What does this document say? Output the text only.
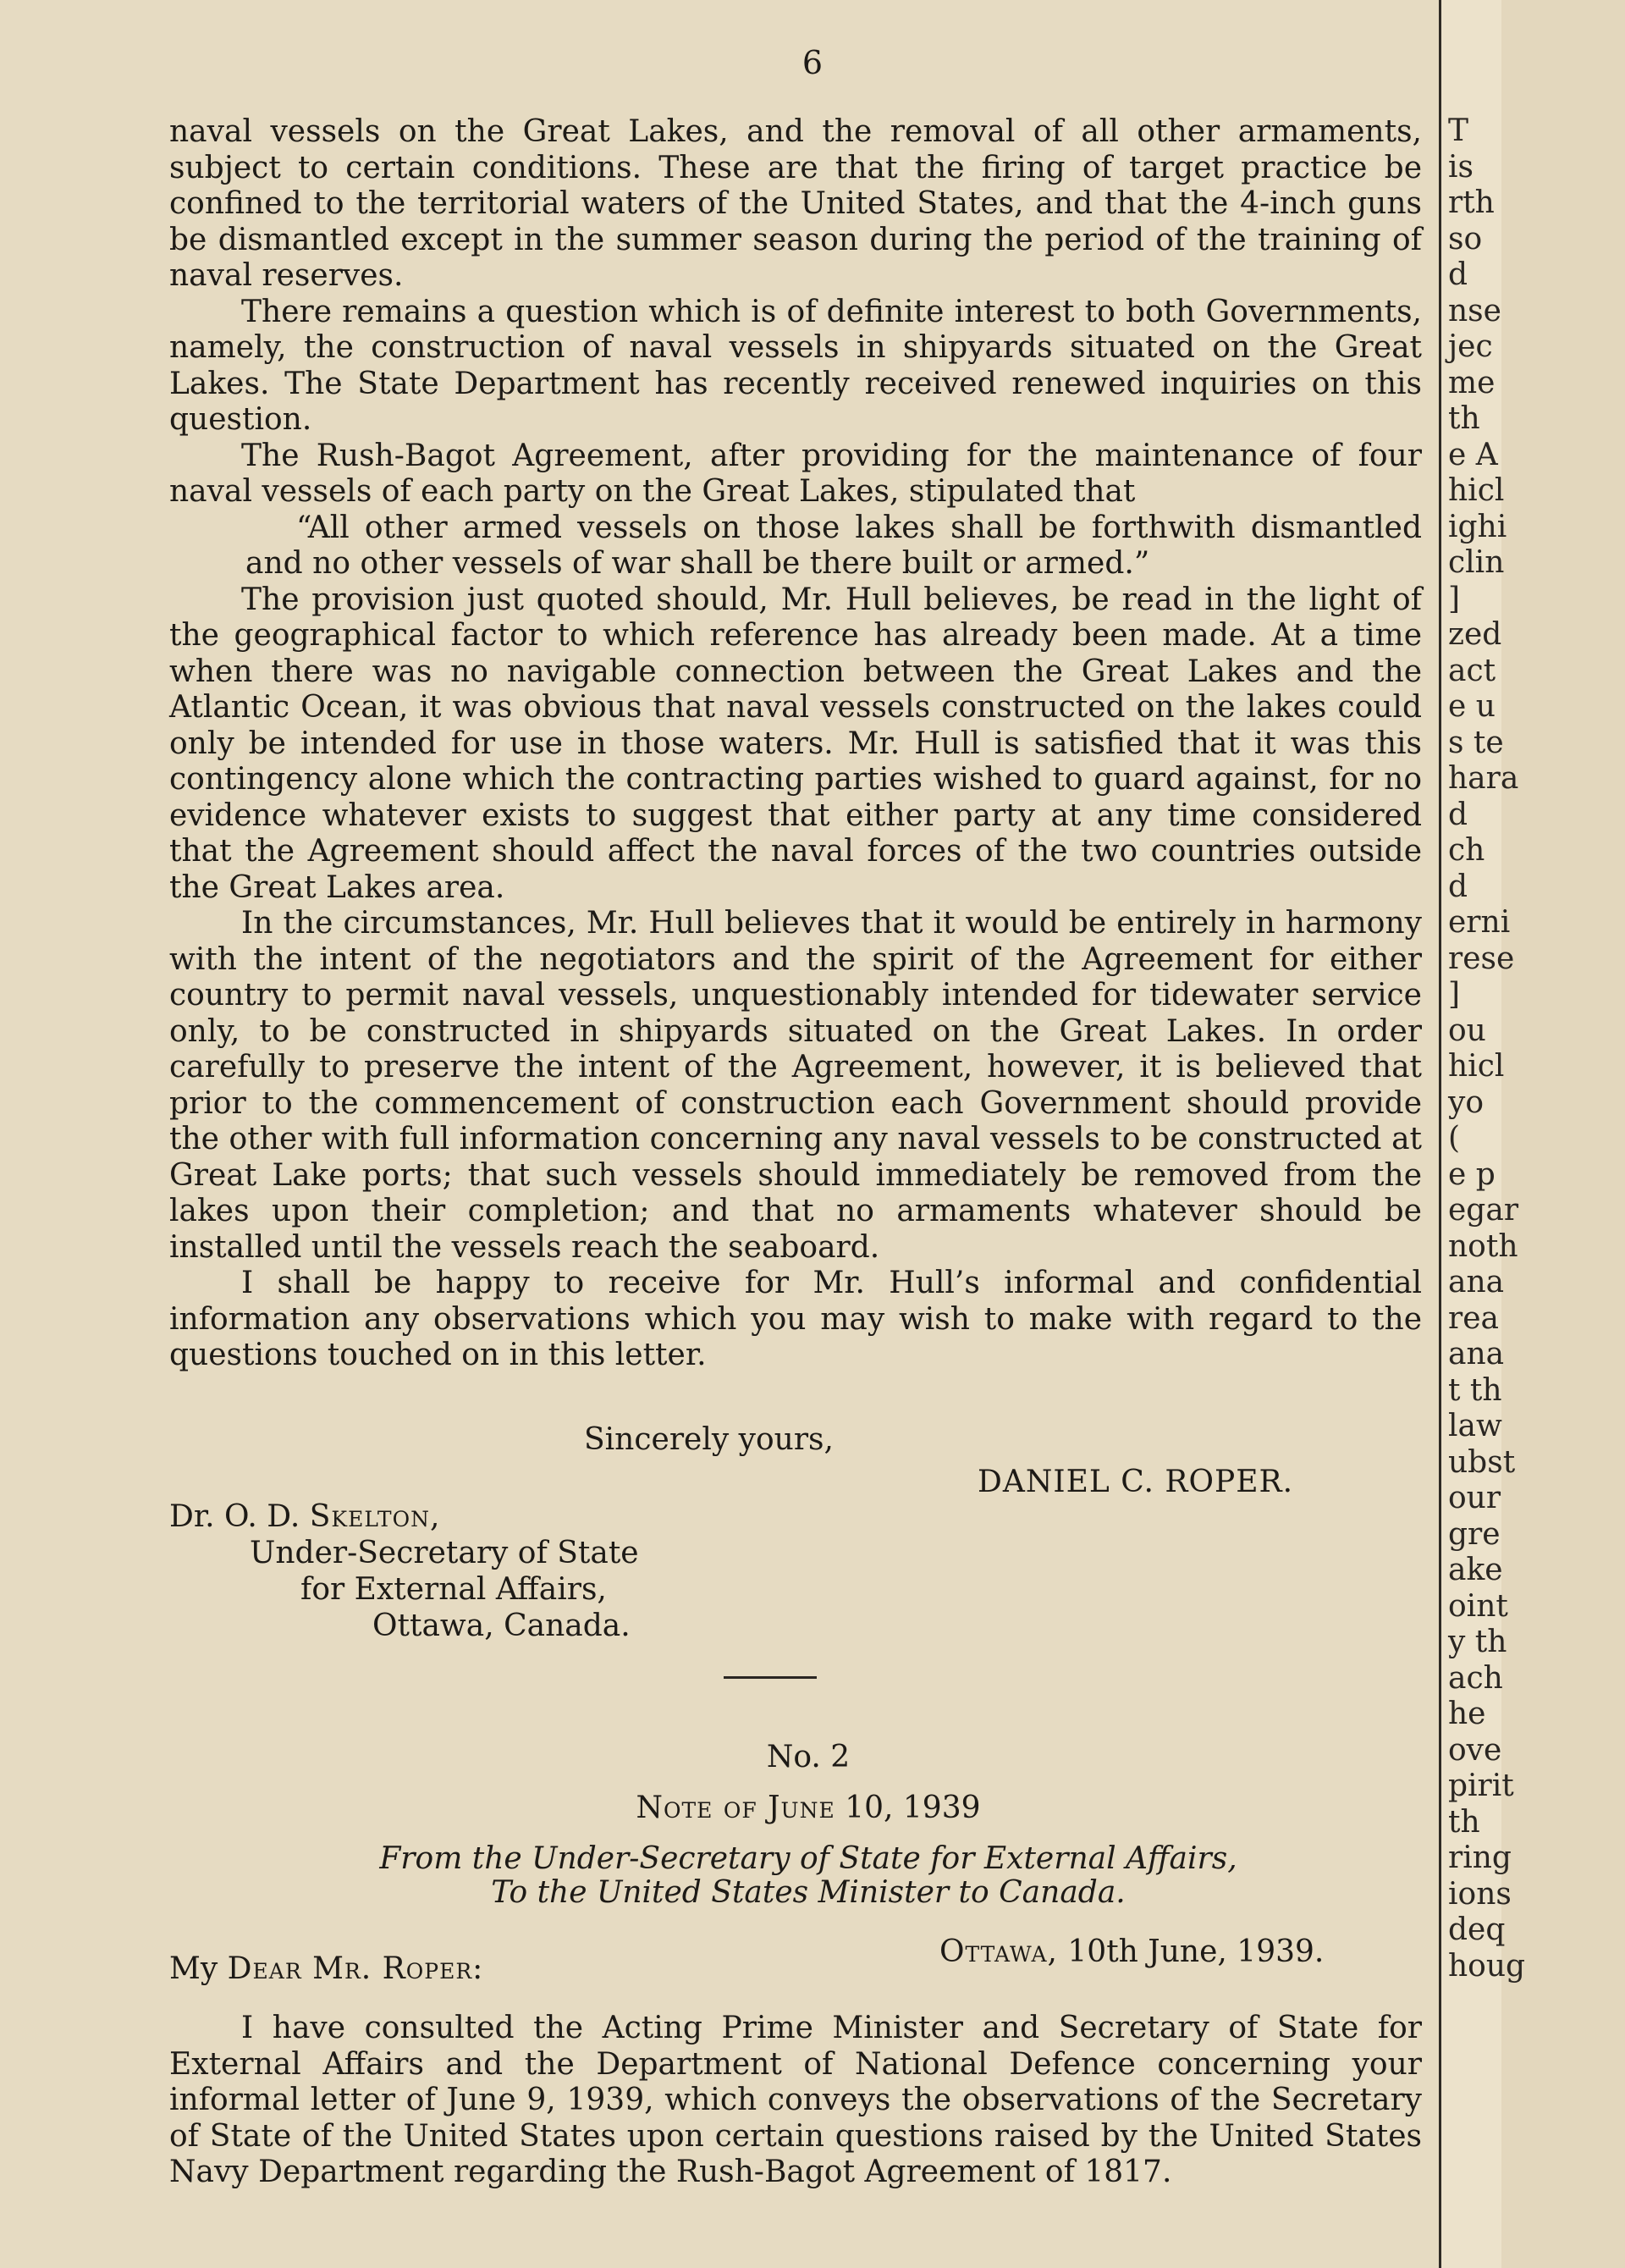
6

naval vessels on the Great Lakes, and the removal of all other armaments, subject to certain conditions. These are that the firing of target practice be confined to the territorial waters of the United States, and that the 4-inch guns be dismantled except in the summer season during the period of the training of naval reserves.

There remains a question which is of definite interest to both Governments, namely, the construction of naval vessels in shipyards situated on the Great Lakes. The State Department has recently received renewed inquiries on this question.

The Rush-Bagot Agreement, after providing for the maintenance of four naval vessels of each party on the Great Lakes, stipulated that

“All other armed vessels on those lakes shall be forthwith dismantled and no other vessels of war shall be there built or armed.”

The provision just quoted should, Mr. Hull believes, be read in the light of the geographical factor to which reference has already been made. At a time when there was no navigable connection between the Great Lakes and the Atlantic Ocean, it was obvious that naval vessels constructed on the lakes could only be intended for use in those waters. Mr. Hull is satisfied that it was this contingency alone which the contracting parties wished to guard against, for no evidence whatever exists to suggest that either party at any time considered that the Agreement should affect the naval forces of the two countries outside the Great Lakes area.

In the circumstances, Mr. Hull believes that it would be entirely in harmony with the intent of the negotiators and the spirit of the Agreement for either country to permit naval vessels, unquestionably intended for tidewater service only, to be constructed in shipyards situated on the Great Lakes. In order carefully to preserve the intent of the Agreement, however, it is believed that prior to the commencement of construction each Government should provide the other with full information concerning any naval vessels to be constructed at Great Lake ports; that such vessels should immediately be removed from the lakes upon their completion; and that no armaments whatever should be installed until the vessels reach the seaboard.

I shall be happy to receive for Mr. Hull’s informal and confidential information any observations which you may wish to make with regard to the questions touched on in this letter.

Sincerely yours,
DANIEL C. ROPER.
Dr. O. D. Skelton,
Under-Secretary of State
for External Affairs,
Ottawa, Canada.
No. 2
Note of June 10, 1939
From the Under-Secretary of State for External Affairs,
To the United States Minister to Canada.
Ottawa, 10th June, 1939.
My Dear Mr. Roper:

I have consulted the Acting Prime Minister and Secretary of State for External Affairs and the Department of National Defence concerning your informal letter of June 9, 1939, which conveys the observations of the Secretary of State of the United States upon certain questions raised by the United States Navy Department regarding the Rush-Bagot Agreement of 1817.

T
is
rth
so
d
nse
jec
me
th
e A
hicl
ighi
clin
]
zed
act
e u
s te
hara
d
ch
d
erni
rese
]
ou
hicl
yo
(
e p
egar
noth
ana
rea
ana
t th
law
ubst
our
gre
ake
oint
y th
ach
he
ove
pirit
th
ring
ions
deq
houg
